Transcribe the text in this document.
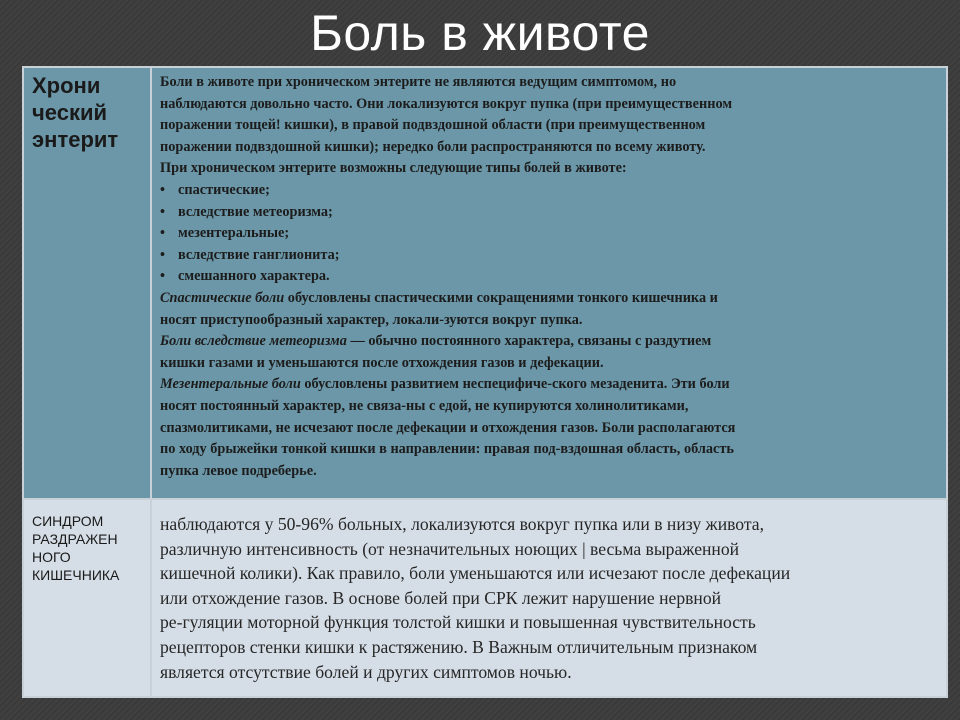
Боль в животе
Хрони
ческий
энтерит
Боли в животе при хроническом энтерите не являются ведущим симптомом, но
наблюдаются довольно часто. Они локализуются вокруг пупка (при преимущественном
поражении тощей! кишки), в правой подвздошной области (при преимущественном
поражении подвздошной кишки); нередко боли распространяются по всему животу.
При хроническом энтерите возможны следующие типы болей в животе:
• спастические;
• вследствие метеоризма;
• мезентеральные;
• вследствие ганглионита;
• смешанного характера.
Спастические боли обусловлены спастическими сокращениями тонкого кишечника и
носят приступообразный характер, локали-зуются вокруг пупка.
Боли вследствие метеоризма — обычно постоянного характера, связаны с раздутием
кишки газами и уменьшаются после отхождения газов и дефекации.
Мезентеральные боли обусловлены развитием неспецифиче-ского мезаденита. Эти боли
носят постоянный характер, не связа-ны с едой, не купируются холинолитиками,
спазмолитиками, не исчезают после дефекации и отхождения газов. Боли располагаются
по ходу брыжейки тонкой кишки в направлении: правая под-вздошная область, область
пупка левое подреберье.
СИНДРОМ
РАЗДРАЖЕН
НОГО
КИШЕЧНИКА
наблюдаются у 50-96% больных, локализуются вокруг пупка или в низу живота,
различную интенсивность (от незначительных ноющих | весьма выраженной
кишечной колики). Как правило, боли уменьшаются или исчезают после дефекации
или отхождение газов. В основе болей при СРК лежит нарушение нервной
ре-гуляции моторной функция толстой кишки и повышенная чувствительность
рецепторов стенки кишки к растяжению. В Важным отличительным признаком
является отсутствие болей и других симптомов ночью.
